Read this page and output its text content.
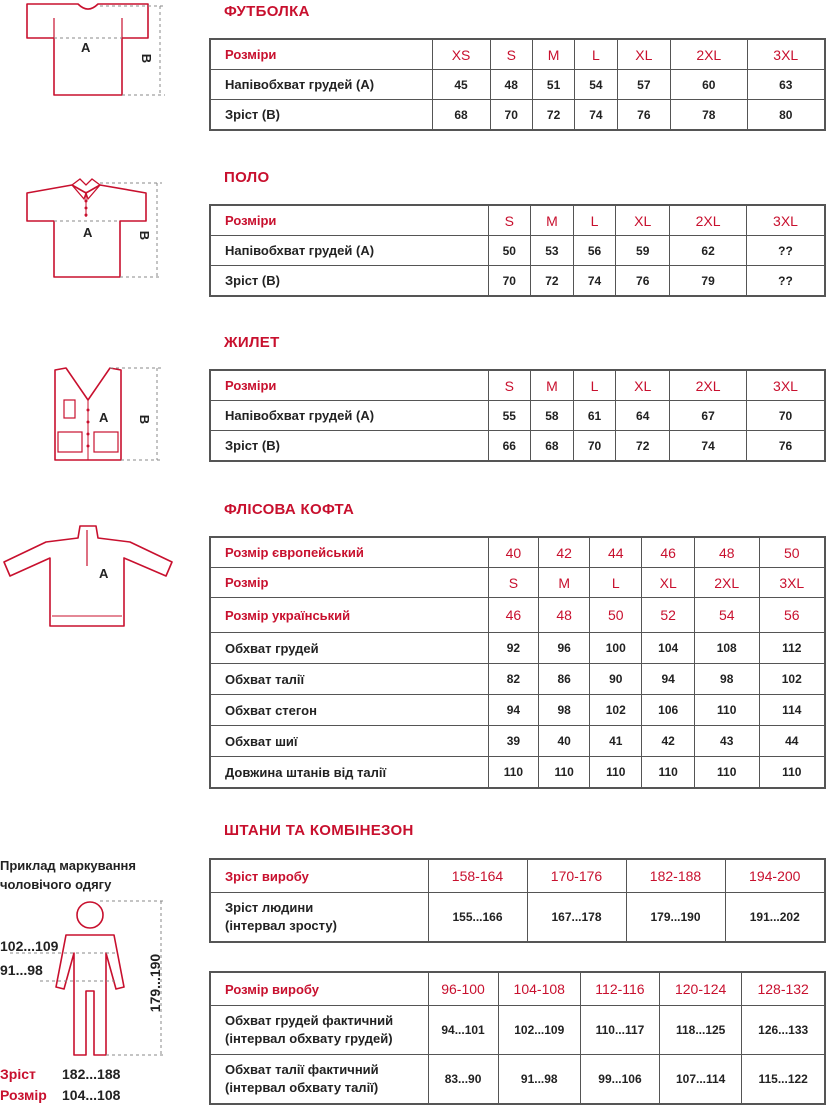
A
B
A	B
A B
A
Приклад маркування
чоловічого одягу
102...109
91...98	179...190
Зріст 182...188
Розмір 104...108
ФУТБОЛКА
Розміри	XS	S	M	L	XL	2XL	3XL
Напівобхват грудей (А)	45	48	51	54	57	60	63
Зріст (В)	68	70	72	74	76	78	80
ПОЛО
Розміри	S	M	L	XL	2XL	3XL
Напівобхват грудей (А)	50	53	56	59	62	??
Зріст (В)	70	72	74	76	79	??
ЖИЛЕТ
Розміри	S	M	L	XL	2XL	3XL
Напівобхват грудей (А)	55	58	61	64	67	70
Зріст (В)	66	68	70	72	74	76
ФЛІСОВА КОФТА
Розмір європейський	40	42	44	46	48	50
Розмір	S	M	L	XL	2XL	3XL
Розмір український	46	48	50	52	54	56
Обхват грудей	92	96	100	104	108	112
Обхват талії	82	86	90	94	98	102
Обхват стегон	94	98	102	106	110	114
Обхват шиї	39	40	41	42	43	44
Довжина штанів від талії	110	110	110	110	110	110
ШТАНИ ТА КОМБІНЕЗОН
Зріст виробу	158-164	170-176	182-188	194-200

Зріст людини
(інтервал зросту)	155...166	167...178	179...190	191...202
Розмір виробу	96-100	104-108	112-116	120-124	128-132

Обхват грудей фактичний
(інтервал обхвату грудей)	94...101	102...109	110...117	118...125	126...133

Обхват талії фактичний
(інтервал обхвату талії)	83...90	91...98	99...106	107...114	115...122
